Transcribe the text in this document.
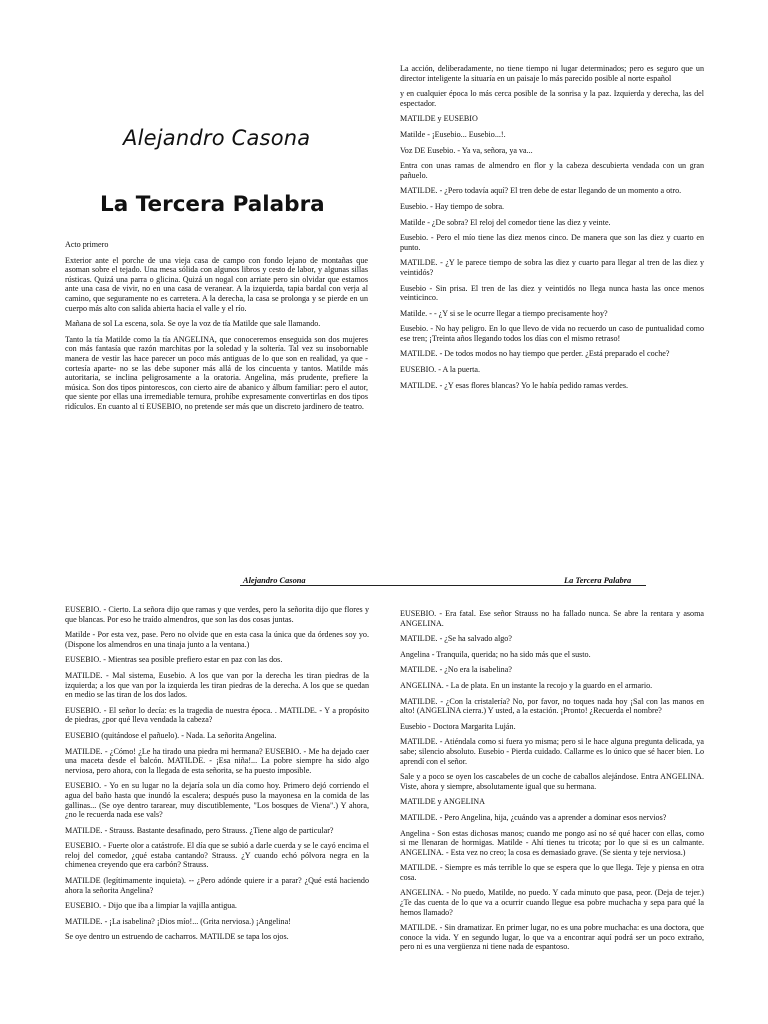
Alejandro Casona
La Tercera Palabra

Acto primero

Exterior ante el porche de una vieja casa de campo con fondo lejano de montañas que asoman sobre el tejado. Una mesa sólida con algunos libros y cesto de labor, y algunas sillas rústicas. Quizá una parra o glicina. Quizá un nogal con arriate pero sin olvidar que estamos ante una casa de vivir, no en una casa de veranear. A la izquierda, tapia bardal con verja al camino, que seguramente no es carretera. A la derecha, la casa se prolonga y se pierde en un cuerpo más alto con salida abierta hacia el valle y el río.

Mañana de sol La escena, sola. Se oye la voz de tía Matilde que sale llamando.

Tanto la tía Matilde como la tía ANGELINA, que conoceremos enseguida son dos mujeres con más fantasía que razón marchitas por la soledad y la soltería. Tal vez su insobornable manera de vestir las hace parecer un poco más antiguas de lo que son en realidad, ya que -cortesía aparte- no se las debe suponer más allá de los cincuenta y tantos. Matilde más autoritaria, se inclina peligrosamente a la oratoria. Angelina, más prudente, prefiere la música. Son dos tipos pintorescos, con cierto aire de abanico y álbum familiar: pero el autor, que siente por ellas una irremediable ternura, prohíbe expresamente convertirlas en dos tipos ridículos. En cuanto al tí EUSEBIO, no pretende ser más que un discreto jardinero de teatro.

La acción, deliberadamente, no tiene tiempo ni lugar determinados; pero es seguro que un director inteligente la situaría en un paisaje lo más parecido posible al norte español

y en cualquier época lo más cerca posible de la sonrisa y la paz. Izquierda y derecha, las del espectador.

MATILDE y EUSEBIO

Matilde - ¡Eusebio... Eusebio...!.

Voz DE Eusebio. - Ya va, señora, ya va...

Entra con unas ramas de almendro en flor y la cabeza descubierta vendada con un gran pañuelo.

MATILDE. - ¿Pero todavía aquí? El tren debe de estar llegando de un momento a otro.

Eusebio. - Hay tiempo de sobra.

Matilde - ¿De sobra? El reloj del comedor tiene las diez y veinte.

Eusebio. - Pero el mío tiene las diez menos cinco. De manera que son las diez y cuarto en punto.

MATILDE. - ¿Y le parece tiempo de sobra las diez y cuarto para llegar al tren de las diez y veintidós?

Eusebio - Sin prisa. El tren de las diez y veintidós no llega nunca hasta las once menos veinticinco.

Matilde. - - ¿Y si se le ocurre llegar a tiempo precisamente hoy?

Eusebio. - No hay peligro. En lo que llevo de vida no recuerdo un caso de puntualidad como ese tren; ¡Treinta años llegando todos los días con el mismo retraso!

MATILDE. - De todos modos no hay tiempo que perder. ¿Está preparado el coche?

EUSEBIO. - A la puerta.

MATILDE. - ¿Y esas flores blancas? Yo le había pedido ramas verdes.

Alejandro Casona	La Tercera Palabra

EUSEBIO. - Cierto. La señora dijo que ramas y que verdes, pero la señorita dijo que flores y que blancas. Por eso he traído almendros, que son las dos cosas juntas.

Matilde - Por esta vez, pase. Pero no olvide que en esta casa la única que da órdenes soy yo. (Dispone los almendros en una tinaja junto a la ventana.)

EUSEBIO. - Mientras sea posible prefiero estar en paz con las dos.

MATILDE. - Mal sistema, Eusebio. A los que van por la derecha les tiran piedras de la izquierda; a los que van por la izquierda les tiran piedras de la derecha. A los que se quedan en medio se las tiran de los dos lados.

EUSEBIO. - El señor lo decía: es la tragedia de nuestra época. . MATILDE. - Y a propósito de piedras, ¿por qué lleva vendada la cabeza?

EUSEBIO (quitándose el pañuelo). - Nada. La señorita Angelina.

MATILDE. - ¿Cómo! ¿Le ha tirado una piedra mi hermana? EUSEBIO. - Me ha dejado caer una maceta desde el balcón. MATILDE. - ¡Esa niña!... La pobre siempre ha sido algo nerviosa, pero ahora, con la llegada de esta señorita, se ha puesto imposible.

EUSEBIO. - Yo en su lugar no la dejaría sola un día como hoy. Primero dejó corriendo el agua del baño hasta que inundó la escalera; después puso la mayonesa en la comida de las gallinas... (Se oye dentro tararear, muy discutiblemente, "Los bosques de Viena".) Y ahora, ¿no le recuerda nada ese vals?

MATILDE. - Strauss. Bastante desafinado, pero Strauss. ¿Tiene algo de particular?

EUSEBIO. - Fuerte olor a catástrofe. El día que se subió a darle cuerda y se le cayó encima el reloj del comedor, ¿qué estaba cantando? Strauss. ¿Y cuando echó pólvora negra en la chimenea creyendo que era carbón? Strauss.

MATILDE (legítimamente inquieta). -- ¿Pero adónde quiere ir a parar? ¿Qué está haciendo ahora la señorita Angelina?

EUSEBIO. - Dijo que iba a limpiar la vajilla antigua.

MATILDE. - ¡La isabelina? ¡Dios mío!... (Grita nerviosa.) ¡Angelina!

Se oye dentro un estruendo de cacharros. MATILDE se tapa los ojos.

EUSEBIO. - Era fatal. Ese señor Strauss no ha fallado nunca. Se abre la rentara y asoma ANGELINA.

MATILDE. - ¿Se ha salvado algo?

Angelina - Tranquila, querida; no ha sido más que el susto.

MATILDE. - ¿No era la isabelina?

ANGELINA. - La de plata. En un instante la recojo y la guardo en el armario.

MATILDE. - ¿Con la cristalería? No, por favor, no toques nada hoy ¡Sal con las manos en alto! (ANGELINA cierra.) Y usted, a la estación. ¡Pronto! ¿Recuerda el nombre?

Eusebio - Doctora Margarita Luján.

MATILDE. - Atiéndala como si fuera yo misma; pero si le hace alguna pregunta delicada, ya sabe; silencio absoluto. Eusebio - Pierda cuidado. Callarme es lo único que sé hacer bien. Lo aprendí con el señor.

Sale y a poco se oyen los cascabeles de un coche de caballos alejándose. Entra ANGELINA. Viste, ahora y siempre, absolutamente igual que su hermana.

MATILDE y ANGELINA

MATILDE. - Pero Angelina, hija, ¿cuándo vas a aprender a dominar esos nervios?

Angelina - Son estas dichosas manos; cuando me pongo así no sé qué hacer con ellas, como si me llenaran de hormigas. Matilde - Ahí tienes tu tricota; por lo que si es un calmante. ANGELINA. - Esta vez no creo; la cosa es demasiado grave. (Se sienta y teje nerviosa.)

MATILDE. - Siempre es más terrible lo que se espera que lo que llega. Teje y piensa en otra cosa.

ANGELINA. - No puedo, Matilde, no puedo. Y cada minuto que pasa, peor. (Deja de tejer.) ¿Te das cuenta de lo que va a ocurrir cuando llegue esa pobre muchacha y sepa para qué la hemos llamado?

MATILDE. - Sin dramatizar. En primer lugar, no es una pobre muchacha: es una doctora, que conoce la vida. Y en segundo lugar, lo que va a encontrar aquí podrá ser un poco extraño, pero ni es una vergüenza ni tiene nada de espantoso.
